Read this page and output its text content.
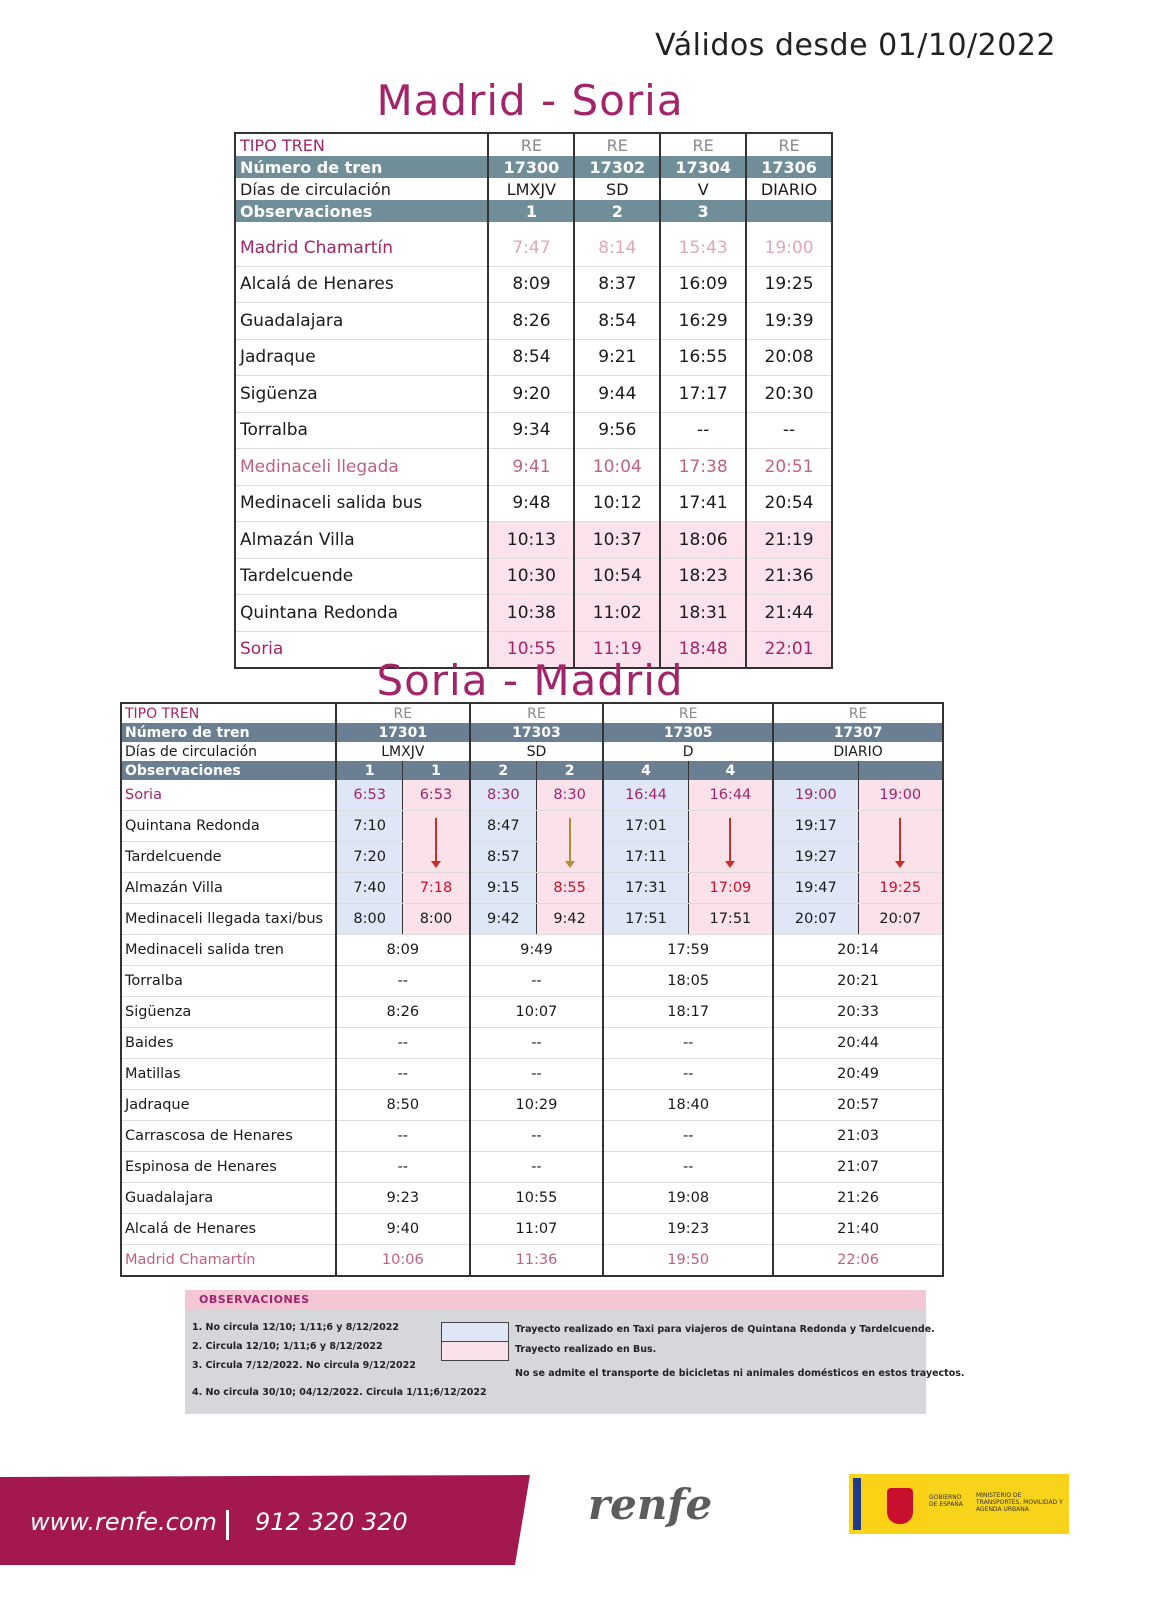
Válidos desde 01/10/2022
Madrid - Soria
TIPO TREN	RE	RE	RE	RE
Número de tren	17300	17302	17304	17306
Días de circulación	LMXJV	SD	V	DIARIO
Observaciones	1	2	3	

Madrid Chamartín	7:47	8:14	15:43	19:00
Alcalá de Henares	8:09	8:37	16:09	19:25
Guadalajara	8:26	8:54	16:29	19:39
Jadraque	8:54	9:21	16:55	20:08
Sigüenza	9:20	9:44	17:17	20:30
Torralba	9:34	9:56	--	--
Medinaceli llegada	9:41	10:04	17:38	20:51
Medinaceli salida bus	9:48	10:12	17:41	20:54
Almazán Villa	10:13	10:37	18:06	21:19
Tardelcuende	10:30	10:54	18:23	21:36
Quintana Redonda	10:38	11:02	18:31	21:44
Soria	10:55	11:19	18:48	22:01
Soria - Madrid
TIPO TREN	RE		RE		RE		RE	
Número de tren	17301		17303		17305		17307	
Días de circulación	LMXJV		SD		D		DIARIO	
Observaciones	1	1	2	2	4	4		
Soria	6:53	6:53	8:30	8:30	16:44	16:44	19:00	19:00
Quintana Redonda	7:10		8:47		17:01		19:17	
Tardelcuende	7:20		8:57		17:11		19:27	
Almazán Villa	7:40	7:18	9:15	8:55	17:31	17:09	19:47	19:25
Medinaceli llegada taxi/bus	8:00	8:00	9:42	9:42	17:51	17:51	20:07	20:07
Medinaceli salida tren	8:09		9:49		17:59		20:14	
Torralba	--		--		18:05		20:21	
Sigüenza	8:26		10:07		18:17		20:33	
Baides	--		--		--		20:44	
Matillas	--		--		--		20:49	
Jadraque	8:50		10:29		18:40		20:57	
Carrascosa de Henares	--		--		--		21:03	
Espinosa de Henares	--		--		--		21:07	
Guadalajara	9:23		10:55		19:08		21:26	
Alcalá de Henares	9:40		11:07		19:23		21:40	
Madrid Chamartín	10:06		11:36		19:50		22:06	
OBSERVACIONES
1. No circula 12/10; 1/11;6 y 8/12/2022
2. Circula 12/10; 1/11;6 y 8/12/2022
3. Circula 7/12/2022. No circula 9/12/2022
4. No circula 30/10; 04/12/2022. Circula 1/11;6/12/2022
Trayecto realizado en Taxi para viajeros de Quintana Redonda y Tardelcuende.
Trayecto realizado en Bus.
No se admite el transporte de bicicletas ni animales domésticos en estos trayectos.
www.renfe.com 912 320 320	renfe	GOBIERNO DE ESPAÑA
MINISTERIO DE TRANSPORTES, MOVILIDAD Y AGENDA URBANA
